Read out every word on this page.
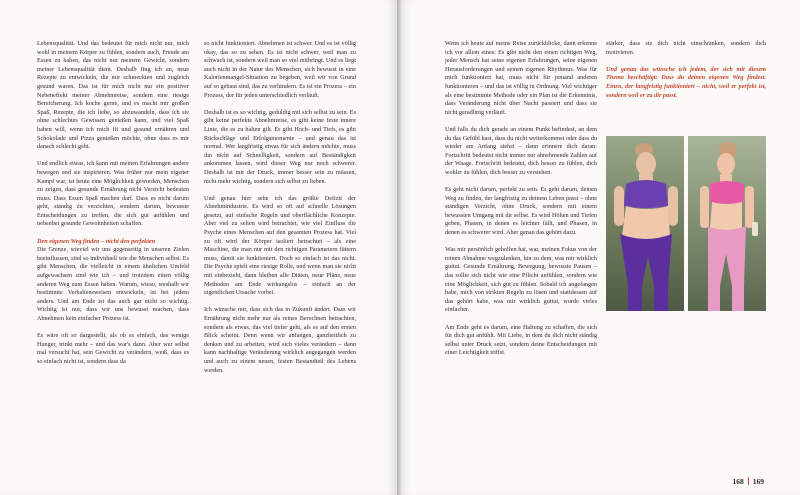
Lebensqualität. Und das bedeutet für mich nicht nur, mich wohl in meinem Körper zu fühlen, sondern auch, Freude am Essen zu haben, das nicht nur meinem Gewicht, sondern meiner Lebensqualität dient. Deshalb fing ich an, neue Rezepte zu entwickeln, die mir schmeckten und zugleich gesund waren. Das ist für mich nicht nur ein positiver Nebeneffekt meiner Abnehmreise, sondern eine riesige Bereicherung. Ich koche gerne, und es macht mir großen Spaß, Rezepte, die ich liebe, so abzuwandeln, dass ich sie ohne schlechtes Gewissen genießen kann, und viel Spaß haben will, wenn ich mich fit und gesund ernähren und Schokolade und Pizza genießen möchte, ohne dass es mir danach schlecht geht.

Und endlich etwas, ich kann mit meinen Erfahrungen andere bewegen und sie inspirieren. Was früher nur mein eigener Kampf war, ist heute eine Möglichkeit geworden, Menschen zu zeigen, dass gesunde Ernährung nicht Verzicht bedeuten muss. Dass Essen Spaß machen darf. Dass es nicht darum geht, ständig zu verzichten, sondern darum, bewusste Entscheidungen zu treffen, die sich gut anfühlen und nebenbei gesunde Gewohnheiten schaffen.

Den eigenen Weg finden – nicht den perfekten

Die Grenze, wieviel wir uns gegenseitig in unseren Zielen beeinflussen, sind so individuell wie die Menschen selbst. Es gibt Menschen, die vielleicht in einem ähnlichen Umfeld aufgewachsen sind wie ich – und trotzdem einen völlig anderen Weg zum Essen haben. Warum, wieso, weshalb wir bestimmte Verhaltensweisen entwickeln, ist bei jedem anders. Und am Ende ist das auch gar nicht so wichtig. Wichtig ist nur, dass wir uns bewusst machen, dass Abnehmen kein einfacher Prozess ist.

Es wäre oft so dargestellt, als ob es einfach, das wenige Hunger, trinkt mehr – und das war's dann. Aber wer selbst mal versucht hat, sein Gewicht zu verändern, weiß, dass es so einfach nicht ist, sondern dass da

so nicht funktioniert. Abnehmen ist schwer. Und es ist völlig okay, das so zu sehen. Es ist nicht schwer, weil man zu schwach ist, sondern weil man so viel mitbringt. Und es liegt auch nicht in der Natur des Menschen, sich bewusst in eine Kalorienmangel-Situation zu begeben, weil wir von Grund auf so gebaut sind, das zu verhindern. Es ist ein Prozess – ein Prozess, der für jeden unterschiedlich verläuft.

Deshalb ist es so wichtig, geduldig mit sich selbst zu sein. Es gibt keine perfekte Abnehmreise, es gibt keine feste innere Linie, die es zu halten gilt. Es gibt Hoch- und Tiefs, es gibt Rückschläge und Erfolgsmomente – und genau das ist normal. Wer langfristig etwas für sich ändern möchte, muss ihn nicht auf Schnelligkeit, sondern auf Beständigkeit ankommen lassen, wird dieser Weg nur noch schwerer. Deshalb ist mir der Druck, immer besser sein zu müssen, nicht mehr wichtig, sondern sich selbst zu lieben.

Und genau hier sehe ich das größte Defizit der Abnehmindustrie. Es wird so oft auf schnelle Lösungen gesetzt, auf einfache Regeln und oberflächliche Konzepte. Aber viel zu selten wird betrachtet, wie viel Einfluss die Psyche eines Menschen auf den gesamten Prozess hat. Viel zu oft wird der Körper isoliert betrachtet – als eine Maschine, die man nur mit den richtigen Parametern füttern muss, damit sie funktioniert. Doch so einfach ist das nicht. Die Psyche spielt eine riesige Rolle, und wenn man sie nicht mit einbezieht, dann bleiben alle Diäten, neue Pläne, neue Methoden am Ende wirkungslos – einfach an der eigentlichen Ursache vorbei.

Ich wünsche mir, dass sich das in Zukunft ändert. Dass wir Ernährung nicht mehr nur als reines Berechnen betrachten, sondern als etwas, das viel tiefer geht, als es auf den ersten Blick scheint. Denn wenn wir anfangen, ganzheitlich zu denken und zu arbeiten, wird sich vieles verändern – dann kann nachhaltige Veränderung wirklich angegangen werden und auch zu einem neuen, festen Bestandteil des Lebens werden.

Wenn ich heute auf meine Reise zurückblicke, dann erkenne ich vor allem eines: Es gibt nicht den einen richtigen Weg, jeder Mensch hat seine eigenen Erfahrungen, seine eigenen Herausforderungen und seinen eigenen Rhythmus. Was für mich funktioniert hat, muss nicht für jemand anderen funktionieren – und das ist völlig in Ordnung. Viel wichtiger als eine bestimmte Methode oder ein Plan ist die Erkenntnis, dass Veränderung nicht über Nacht passiert und dass sie nicht geradlinig verläuft.

Und falls du dich gerade an einem Punkt befindest, an dem du das Gefühl hast, dass du nicht weiterkommst oder dass du wieder am Anfang stehst – dann erinnere dich daran: Fortschritt bedeutet nicht immer nur abnehmende Zahlen auf der Waage. Fortschritt bedeutet, dich besser zu fühlen, dich wohler zu fühlen, dich besser zu verstehen.

Es geht nicht darum, perfekt zu sein. Es geht darum, deinen Weg zu finden, der langfristig zu deinem Leben passt – ohne ständigen Verzicht, ohne Druck, sondern mit einem bewussten Umgang mit dir selbst. Es wird Höhen und Tiefen geben, Phasen, in denen es leichter fällt, und Phasen, in denen es schwerer wird. Aber genau das gehört dazu.

Was mir persönlich geholfen hat, war, meinen Fokus von der reinen Abnahme wegzulenken, hin zu dem, was mir wirklich guttut. Gesunde Ernährung, Bewegung, bewusste Pausen – das sollte sich nicht wie eine Pflicht anfühlen, sondern wie eine Möglichkeit, sich gut zu fühlen. Sobald ich angefangen habe, mich von strikten Regeln zu lösen und stattdessen auf das gehört habe, was mir wirklich guttut, wurde vieles einfacher.

Am Ende geht es darum, eine Haltung zu schaffen, die sich für dich gut anfühlt. Mit Liebe, in dem du dich nicht ständig selbst unter Druck setzt, sondern deine Entscheidungen mit einer Leichtigkeit triffst.

stärker, dass sie dich nicht einschränken, sondern dich motivieren.

Und genau das wünsche ich jedem, der sich mit diesem Thema beschäftigt: Dass du deinen eigenen Weg findest. Einen, der langfristig funktioniert – nicht, weil er perfekt ist, sondern weil er zu dir passt.

168 169
